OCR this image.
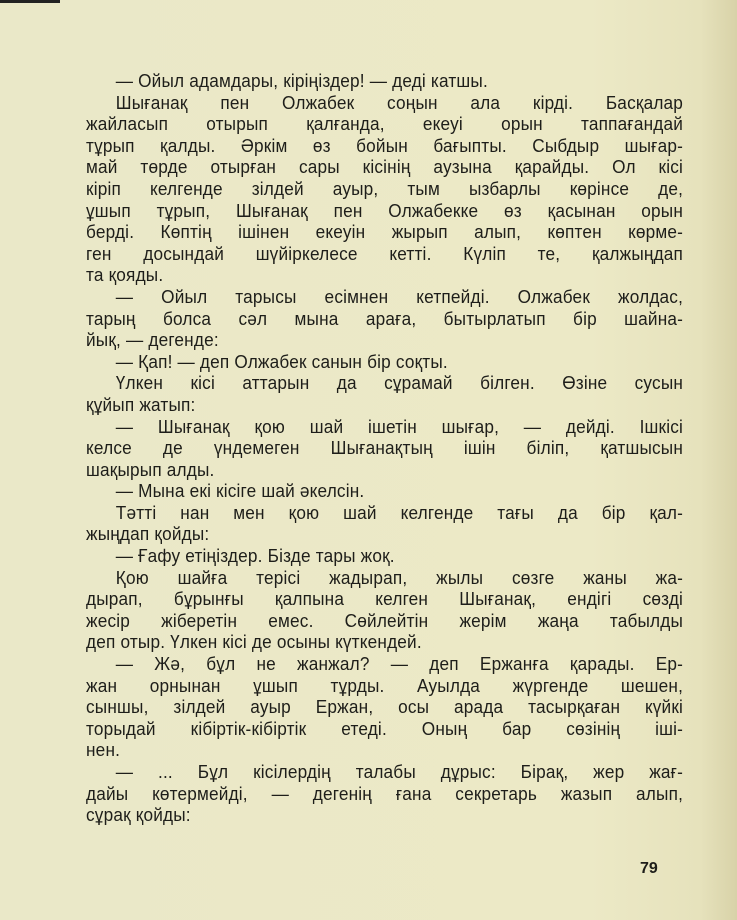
— Ойыл адамдары, кіріңіздер! — деді катшы.
Шығанақ пен Олжабек соңын ала кірді. Басқалар
жайласып отырып қалғанда, екеуі орын таппағандай
тұрып қалды. Әркім өз бойын бағыпты. Сыбдыр шығар-
май төрде отырған сары кісінің аузына қарайды. Ол кісі
кіріп келгенде зілдей ауыр, тым ызбарлы көрінсе де,
ұшып тұрып, Шығанақ пен Олжабекке өз қасынан орын
берді. Көптің ішінен екеуін жырып алып, көптен көрме-
ген досындай шүйіркелесе кетті. Күліп те, қалжыңдап
та қояды.
— Ойыл тарысы есімнен кетпейді. Олжабек жолдас,
тарың болса сәл мына араға, бытырлатып бір шайна-
йық, — дегенде:
— Қап! — деп Олжабек санын бір соқты.
Үлкен кісі аттарын да сұрамай білген. Өзіне сусын
құйып жатып:
— Шығанақ қою шай ішетін шығар, — дейді. Ішкісі
келсе де үндемеген Шығанақтың ішін біліп, қатшысын
шақырып алды.
— Мына екі кісіге шай әкелсін.
Тәтті нан мен қою шай келгенде тағы да бір қал-
жыңдап қойды:
— Ғафу етіңіздер. Бізде тары жоқ.
Қою шайға терісі жадырап, жылы сөзге жаны жа-
дырап, бұрынғы қалпына келген Шығанақ, ендігі сөзді
жесір жіберетін емес. Сөйлейтін жерім жаңа табылды
деп отыр. Үлкен кісі де осыны күткендей.
— Жә, бұл не жанжал? — деп Ержанға қарады. Ер-
жан орнынан ұшып тұрды. Ауылда жүргенде шешен,
сыншы, зілдей ауыр Ержан, осы арада тасырқаған күйкі
торыдай кібіртік-кібіртік етеді. Оның бар сөзінің іші-
нен.
— ... Бұл кісілердің талабы дұрыс: Бірақ, жер жағ-
дайы көтермейді, — дегенің ғана секретарь жазып алып,
сұрақ қойды:
79
